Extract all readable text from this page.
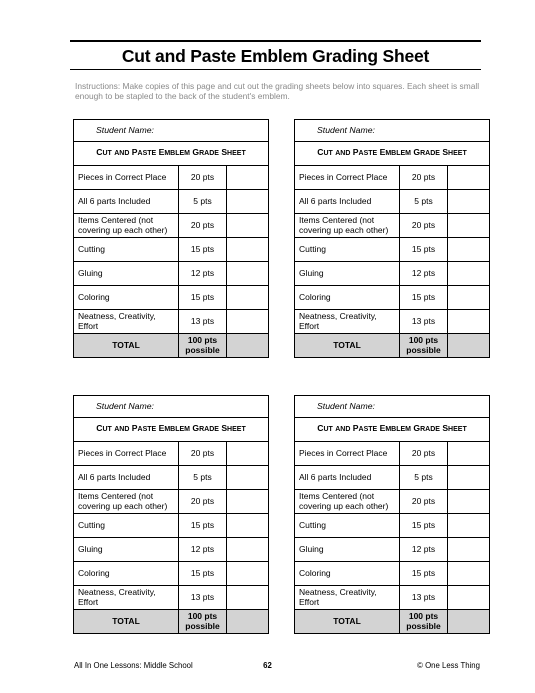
Cut and Paste Emblem Grading Sheet
Instructions: Make copies of this page and cut out the grading sheets below into squares. Each sheet is small enough to be stapled to the back of the student's emblem.
Student Name:		
CUT AND PASTE EMBLEM GRADE SHEET		
Pieces in Correct Place	20 pts	
All 6 parts Included	5 pts	
Items Centered (not
covering up each other)	20 pts	
Cutting	15 pts	
Gluing	12 pts	
Coloring	15 pts	
Neatness, Creativity,
Effort	13 pts	
TOTAL	100 pts
possible	
All In One Lessons: Middle School	62	© One Less Thing
Student Name:		
CUT AND PASTE EMBLEM GRADE SHEET		
Pieces in Correct Place	20 pts	
All 6 parts Included	5 pts	
Items Centered (not
covering up each other)	20 pts	
Cutting	15 pts	
Gluing	12 pts	
Coloring	15 pts	
Neatness, Creativity,
Effort	13 pts	
TOTAL	100 pts
possible	
Student Name:		
CUT AND PASTE EMBLEM GRADE SHEET		
Pieces in Correct Place	20 pts	
All 6 parts Included	5 pts	
Items Centered (not
covering up each other)	20 pts	
Cutting	15 pts	
Gluing	12 pts	
Coloring	15 pts	
Neatness, Creativity,
Effort	13 pts	
TOTAL	100 pts
possible	
Student Name:		
CUT AND PASTE EMBLEM GRADE SHEET		
Pieces in Correct Place	20 pts	
All 6 parts Included	5 pts	
Items Centered (not
covering up each other)	20 pts	
Cutting	15 pts	
Gluing	12 pts	
Coloring	15 pts	
Neatness, Creativity,
Effort	13 pts	
TOTAL	100 pts
possible	
